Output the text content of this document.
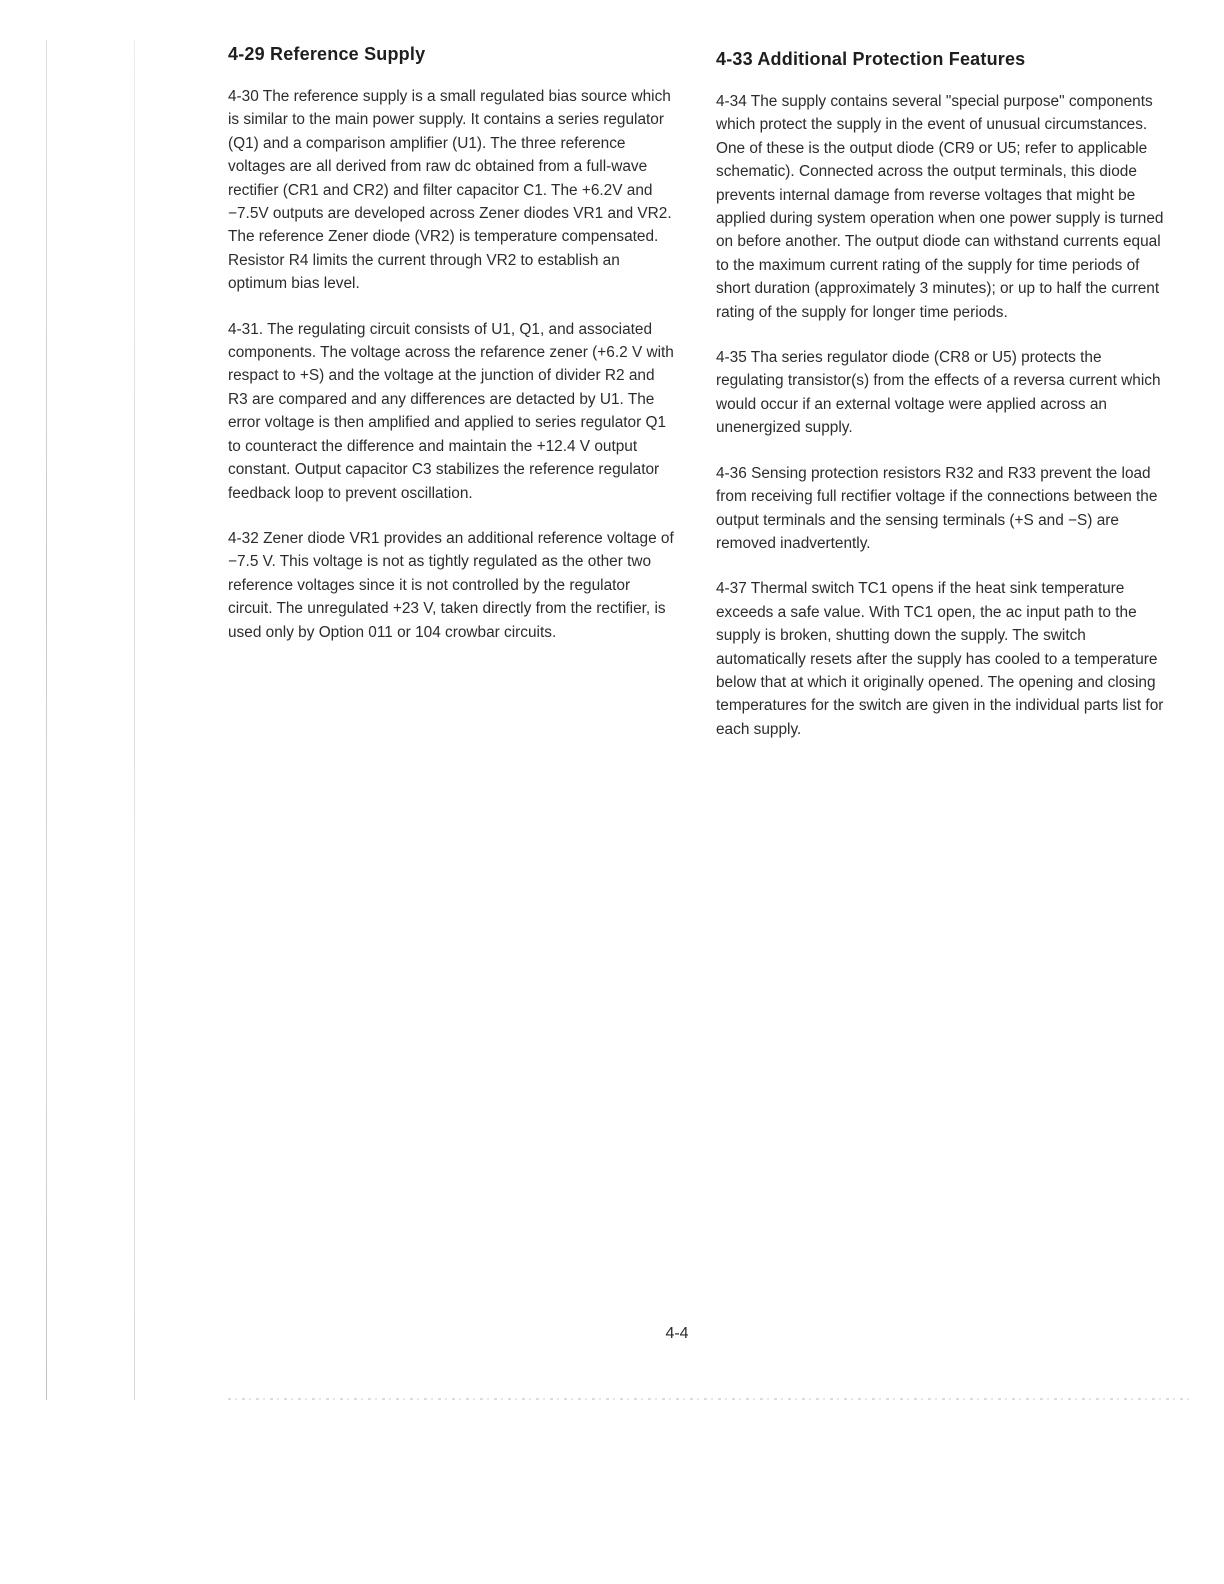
4-29 Reference Supply

4-30 The reference supply is a small regulated bias source which is similar to the main power supply. It contains a series regulator (Q1) and a comparison amplifier (U1). The three reference voltages are all derived from raw dc obtained from a full-wave rectifier (CR1 and CR2) and filter capacitor C1. The +6.2V and −7.5V outputs are developed across Zener diodes VR1 and VR2. The reference Zener diode (VR2) is temperature compensated. Resistor R4 limits the current through VR2 to establish an optimum bias level.

4-31. The regulating circuit consists of U1, Q1, and associated components. The voltage across the refarence zener (+6.2 V with respact to +S) and the voltage at the junction of divider R2 and R3 are compared and any differences are detacted by U1. The error voltage is then amplified and applied to series regulator Q1 to counteract the difference and maintain the +12.4 V output constant. Output capacitor C3 stabilizes the reference regulator feedback loop to prevent oscillation.

4-32 Zener diode VR1 provides an additional reference voltage of −7.5 V. This voltage is not as tightly regulated as the other two reference voltages since it is not controlled by the regulator circuit. The unregulated +23 V, taken directly from the rectifier, is used only by Option 011 or 104 crowbar circuits.

4-33 Additional Protection Features

4-34 The supply contains several "special purpose" components which protect the supply in the event of unusual circumstances. One of these is the output diode (CR9 or U5; refer to applicable schematic). Connected across the output terminals, this diode prevents internal damage from reverse voltages that might be applied during system operation when one power supply is turned on before another. The output diode can withstand currents equal to the maximum current rating of the supply for time periods of short duration (approximately 3 minutes); or up to half the current rating of the supply for longer time periods.

4-35 Tha series regulator diode (CR8 or U5) protects the regulating transistor(s) from the effects of a reversa current which would occur if an external voltage were applied across an unenergized supply.

4-36 Sensing protection resistors R32 and R33 prevent the load from receiving full rectifier voltage if the connections between the output terminals and the sensing terminals (+S and −S) are removed inadvertently.

4-37 Thermal switch TC1 opens if the heat sink temperature exceeds a safe value. With TC1 open, the ac input path to the supply is broken, shutting down the supply. The switch automatically resets after the supply has cooled to a temperature below that at which it originally opened. The opening and closing temperatures for the switch are given in the individual parts list for each supply.

4-4
